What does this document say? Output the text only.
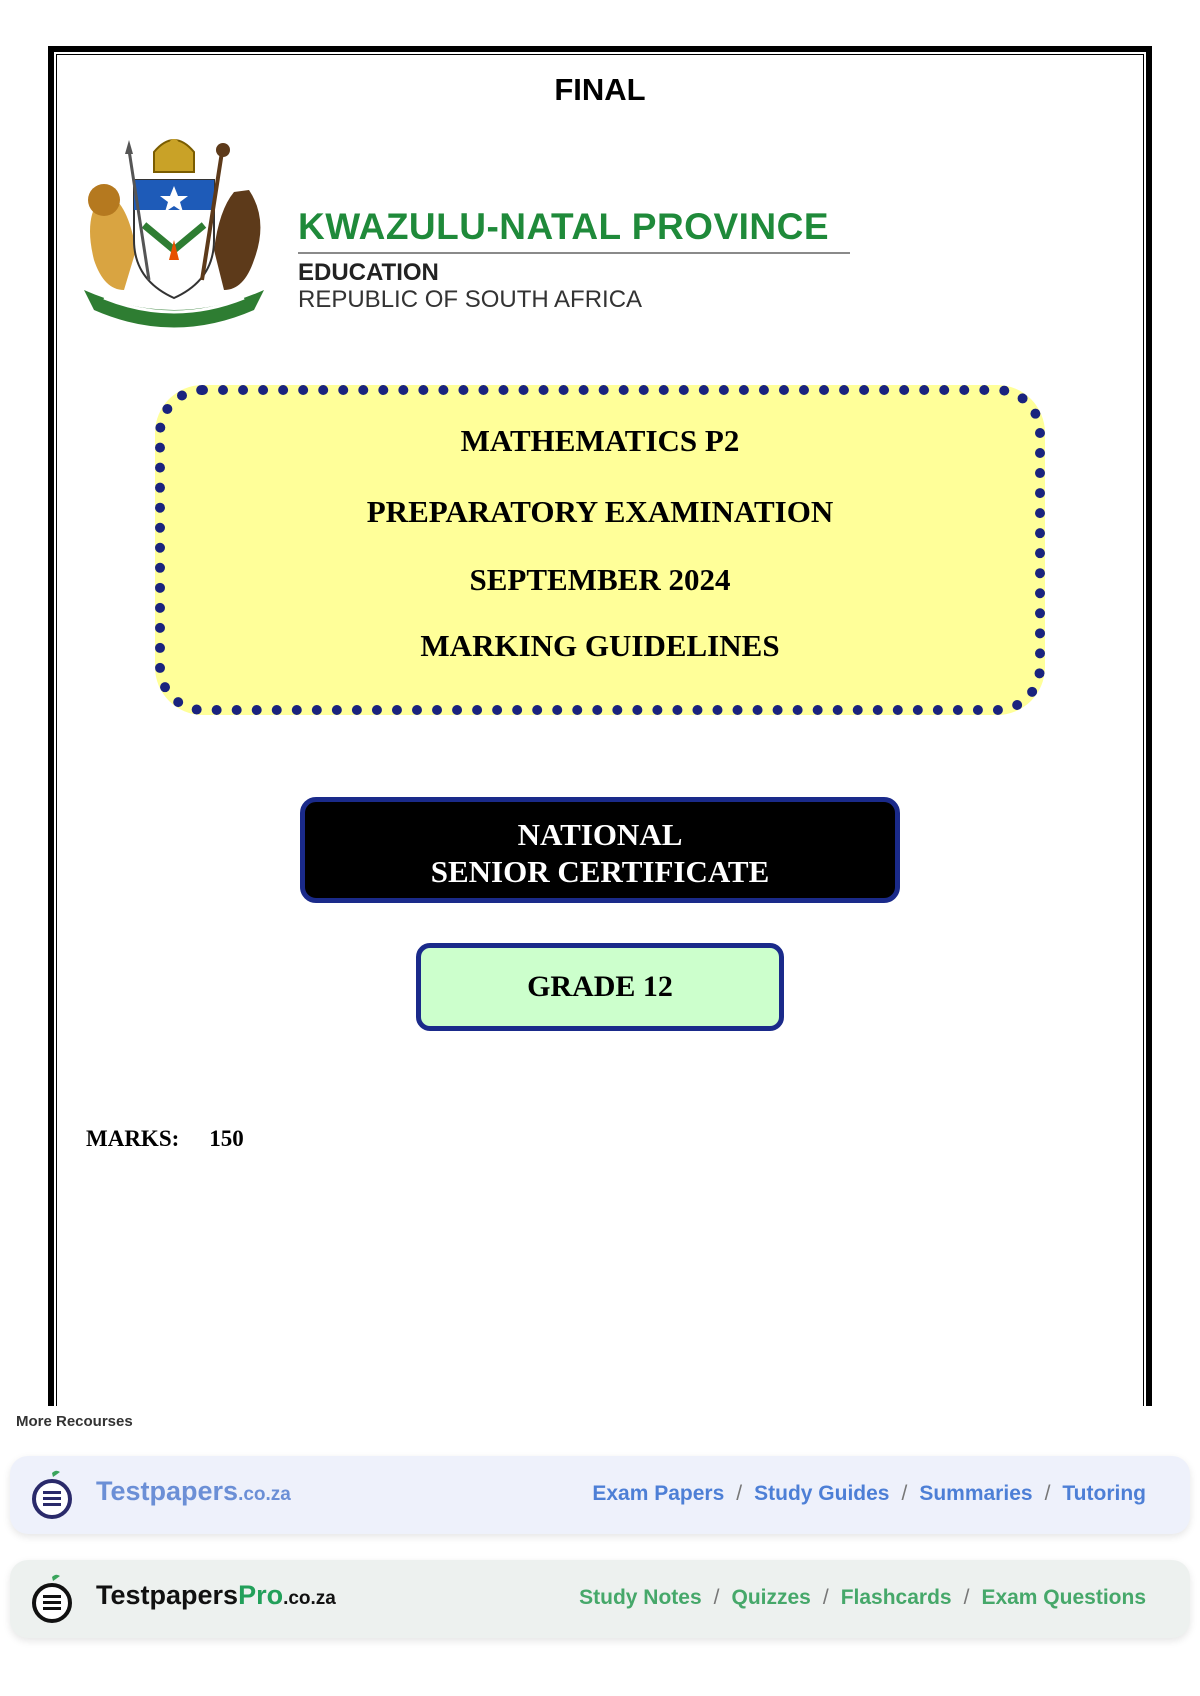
FINAL
KWAZULU-NATAL PROVINCE
EDUCATION
REPUBLIC OF SOUTH AFRICA
MATHEMATICS P2
PREPARATORY EXAMINATION
SEPTEMBER 2024
MARKING GUIDELINES
NATIONAL
SENIOR CERTIFICATE
GRADE 12
MARKS: 150
More Recourses
Testpapers.co.za	Exam Papers / Study Guides / Summaries / Tutoring
TestpapersPro.co.za	Study Notes / Quizzes / Flashcards / Exam Questions
